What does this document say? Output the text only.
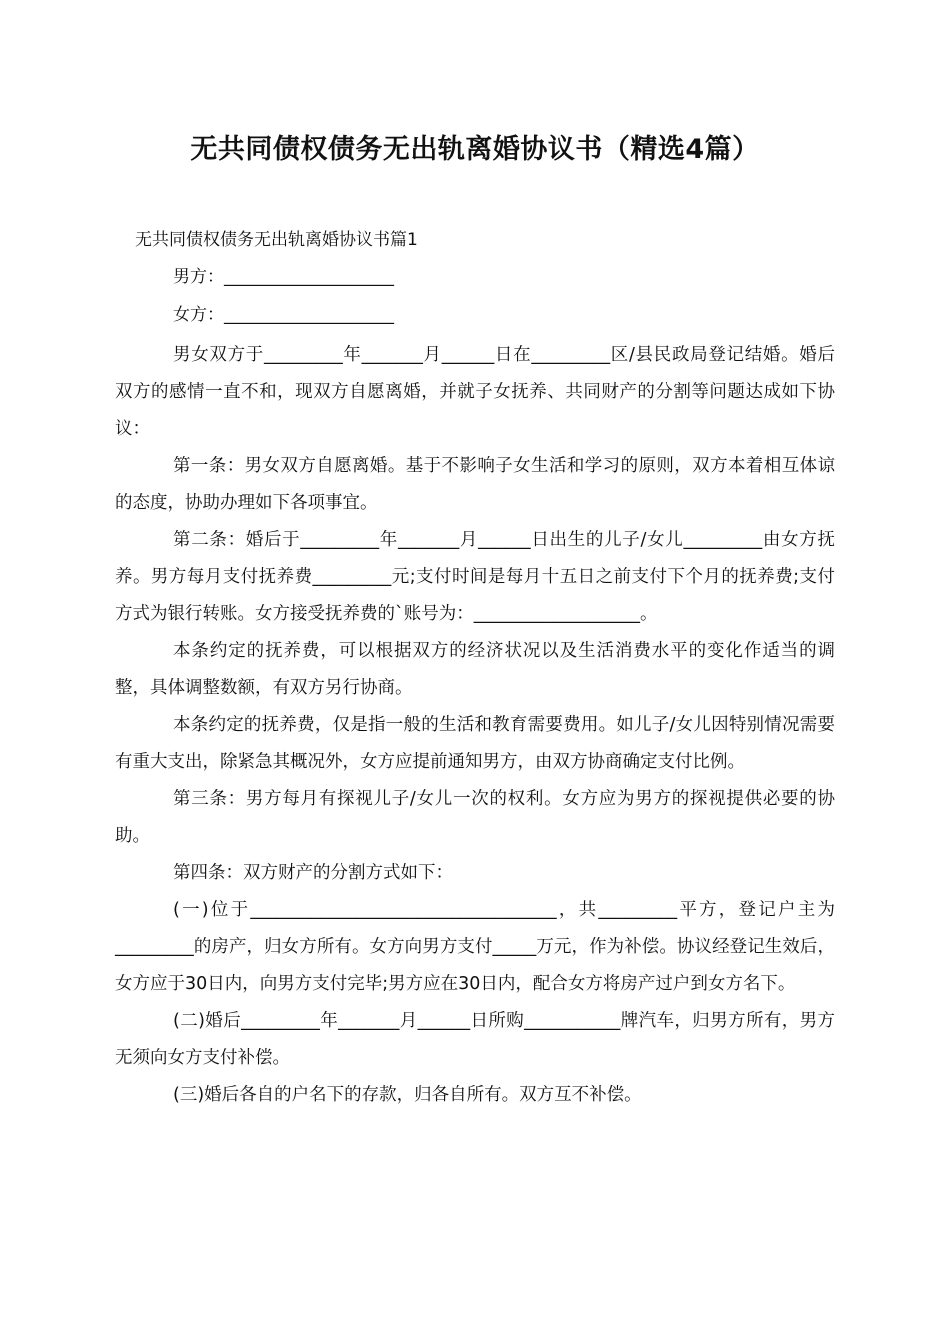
无共同债权债务无出轨离婚协议书（精选4篇）
无共同债权债务无出轨离婚协议书篇1
男方：____________________
女方：____________________

男女双方于_________年_______月______日在_________区/县民政局登记结婚。婚后双方的感情一直不和，现双方自愿离婚，并就子女抚养、共同财产的分割等问题达成如下协议：

第一条：男女双方自愿离婚。基于不影响子女生活和学习的原则，双方本着相互体谅的态度，协助办理如下各项事宜。

第二条：婚后于_________年_______月______日出生的儿子/女儿_________由女方抚养。男方每月支付抚养费_________元;支付时间是每月十五日之前支付下个月的抚养费;支付方式为银行转账。女方接受抚养费的`账号为：___________________。

本条约定的抚养费，可以根据双方的经济状况以及生活消费水平的变化作适当的调整，具体调整数额，有双方另行协商。

本条约定的抚养费，仅是指一般的生活和教育需要费用。如儿子/女儿因特别情况需要有重大支出，除紧急其概况外，女方应提前通知男方，由双方协商确定支付比例。

第三条：男方每月有探视儿子/女儿一次的权利。女方应为男方的探视提供必要的协助。

第四条：双方财产的分割方式如下：

(一)位于___________________________________，共_________平方，登记户主为_________的房产，归女方所有。女方向男方支付_____万元，作为补偿。协议经登记生效后，女方应于30日内，向男方支付完毕;男方应在30日内，配合女方将房产过户到女方名下。

(二)婚后_________年_______月______日所购___________牌汽车，归男方所有，男方无须向女方支付补偿。

(三)婚后各自的户名下的存款，归各自所有。双方互不补偿。
